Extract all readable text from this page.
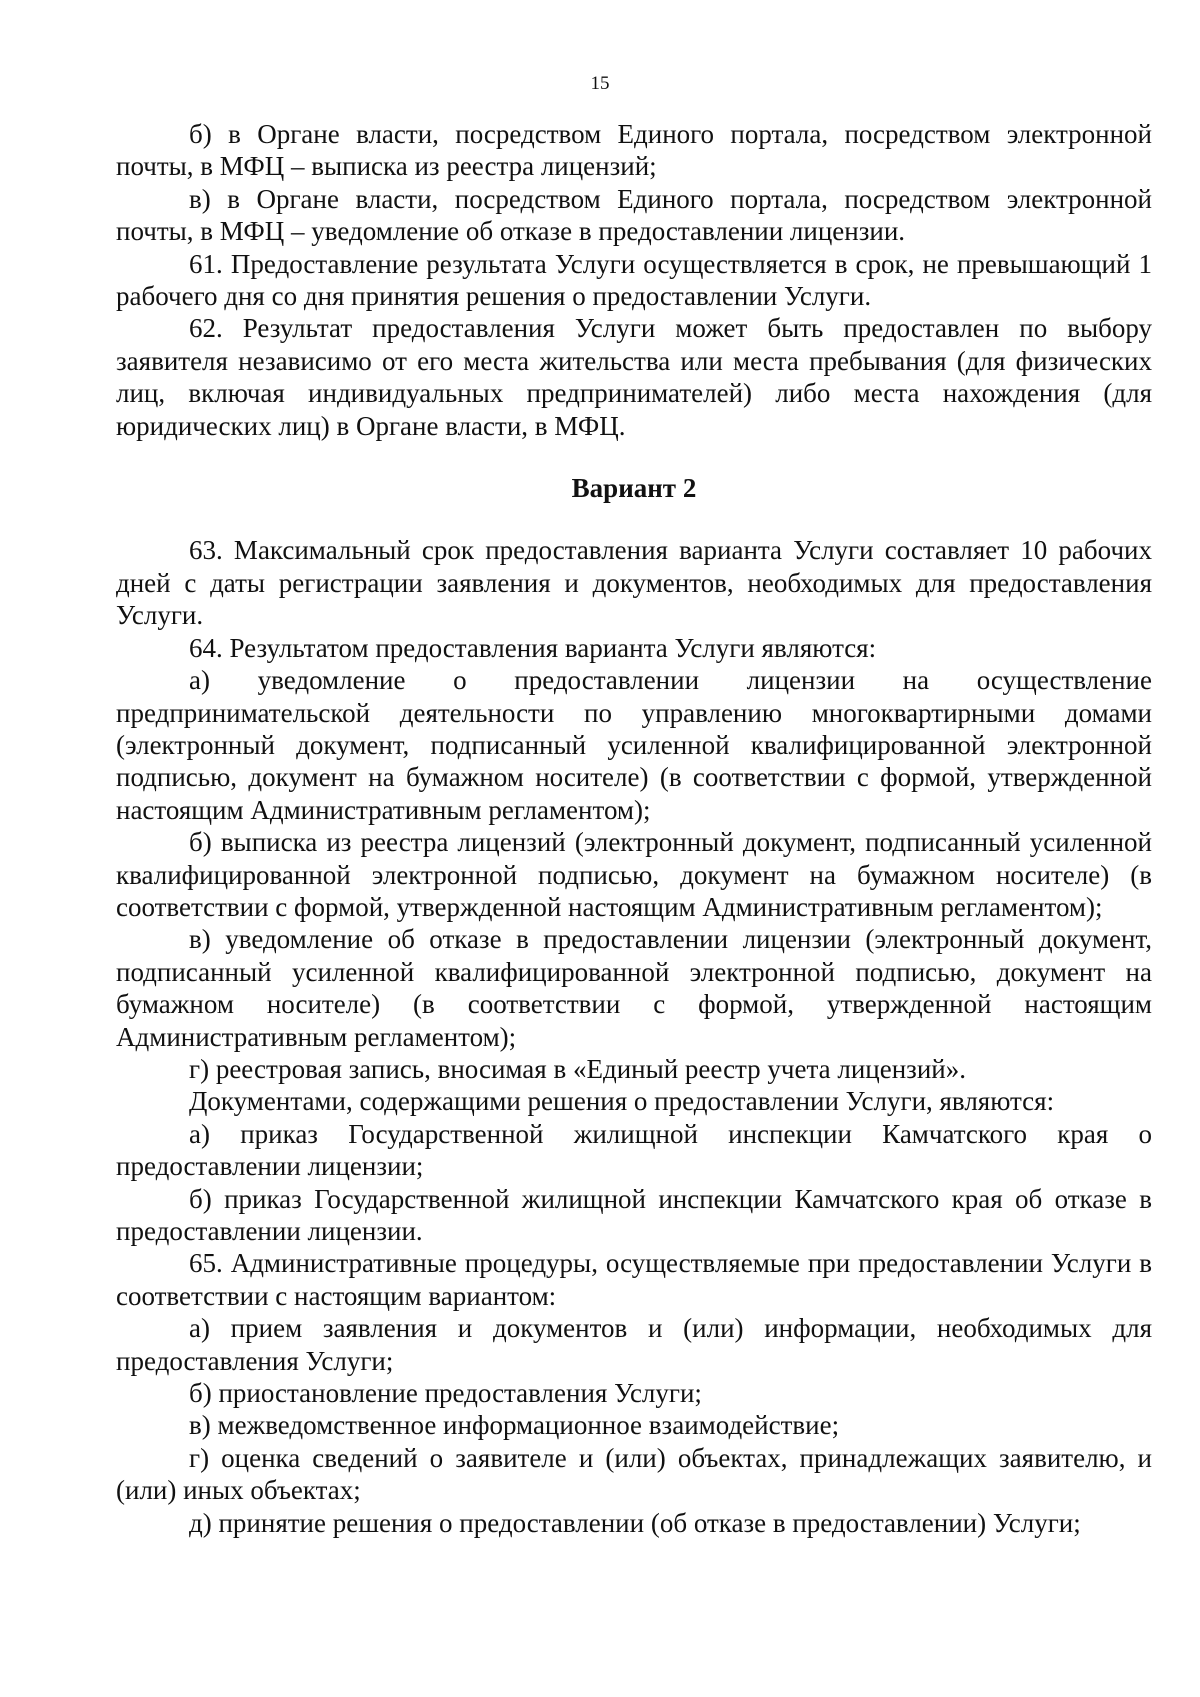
15

б) в Органе власти, посредством Единого портала, посредством электронной почты, в МФЦ – выписка из реестра лицензий;

в) в Органе власти, посредством Единого портала, посредством электронной почты, в МФЦ – уведомление об отказе в предоставлении лицензии.

61. Предоставление результата Услуги осуществляется в срок, не превышающий 1 рабочего дня со дня принятия решения о предоставлении Услуги.

62. Результат предоставления Услуги может быть предоставлен по выбору заявителя независимо от его места жительства или места пребывания (для физических лиц, включая индивидуальных предпринимателей) либо места нахождения (для юридических лиц) в Органе власти, в МФЦ.

Вариант 2

63. Максимальный срок предоставления варианта Услуги составляет 10 рабочих дней с даты регистрации заявления и документов, необходимых для предоставления Услуги.

64. Результатом предоставления варианта Услуги являются:

а) уведомление о предоставлении лицензии на осуществление предпринимательской деятельности по управлению многоквартирными домами (электронный документ, подписанный усиленной квалифицированной электронной подписью, документ на бумажном носителе) (в соответствии с формой, утвержденной настоящим Административным регламентом);

б) выписка из реестра лицензий (электронный документ, подписанный усиленной квалифицированной электронной подписью, документ на бумажном носителе) (в соответствии с формой, утвержденной настоящим Административным регламентом);

в) уведомление об отказе в предоставлении лицензии (электронный документ, подписанный усиленной квалифицированной электронной подписью, документ на бумажном носителе) (в соответствии с формой, утвержденной настоящим Административным регламентом);

г) реестровая запись, вносимая в «Единый реестр учета лицензий».

Документами, содержащими решения о предоставлении Услуги, являются:

а) приказ Государственной жилищной инспекции Камчатского края о предоставлении лицензии;

б) приказ Государственной жилищной инспекции Камчатского края об отказе в предоставлении лицензии.

65. Административные процедуры, осуществляемые при предоставлении Услуги в соответствии с настоящим вариантом:

а) прием заявления и документов и (или) информации, необходимых для предоставления Услуги;

б) приостановление предоставления Услуги;

в) межведомственное информационное взаимодействие;

г) оценка сведений о заявителе и (или) объектах, принадлежащих заявителю, и (или) иных объектах;

д) принятие решения о предоставлении (об отказе в предоставлении) Услуги;
